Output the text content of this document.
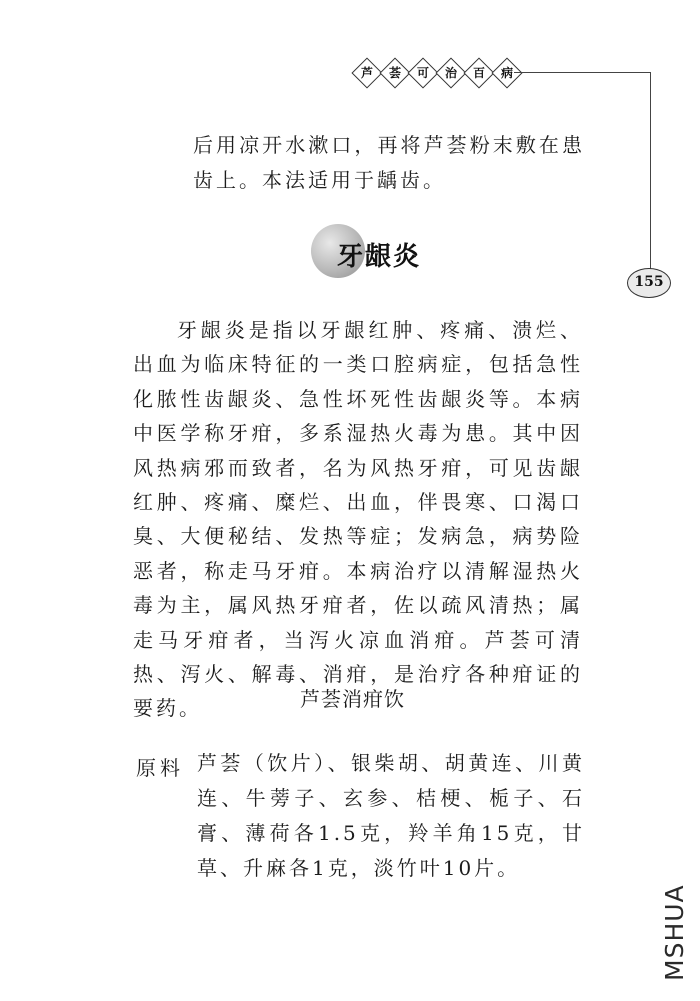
芦	荟	可	治	百	病
155
后用凉开水漱口，再将芦荟粉末敷在患齿上。本法适用于龋齿。
牙龈炎
牙龈炎是指以牙龈红肿、疼痛、溃烂、出血为临床特征的一类口腔病症，包括急性化脓性齿龈炎、急性坏死性齿龈炎等。本病中医学称牙疳，多系湿热火毒为患。其中因风热病邪而致者，名为风热牙疳，可见齿龈红肿、疼痛、糜烂、出血，伴畏寒、口渴口臭、大便秘结、发热等症；发病急，病势险恶者，称走马牙疳。本病治疗以清解湿热火毒为主，属风热牙疳者，佐以疏风清热；属走马牙疳者，当泻火凉血消疳。芦荟可清热、泻火、解毒、消疳，是治疗各种疳证的要药。	芦荟消疳饮
原料 芦荟（饮片）、银柴胡、胡黄连、川黄连、牛蒡子、玄参、桔梗、栀子、石膏、薄荷各1.5克，羚羊角15克，甘草、升麻各1克，淡竹叶10片。
MSHUA
